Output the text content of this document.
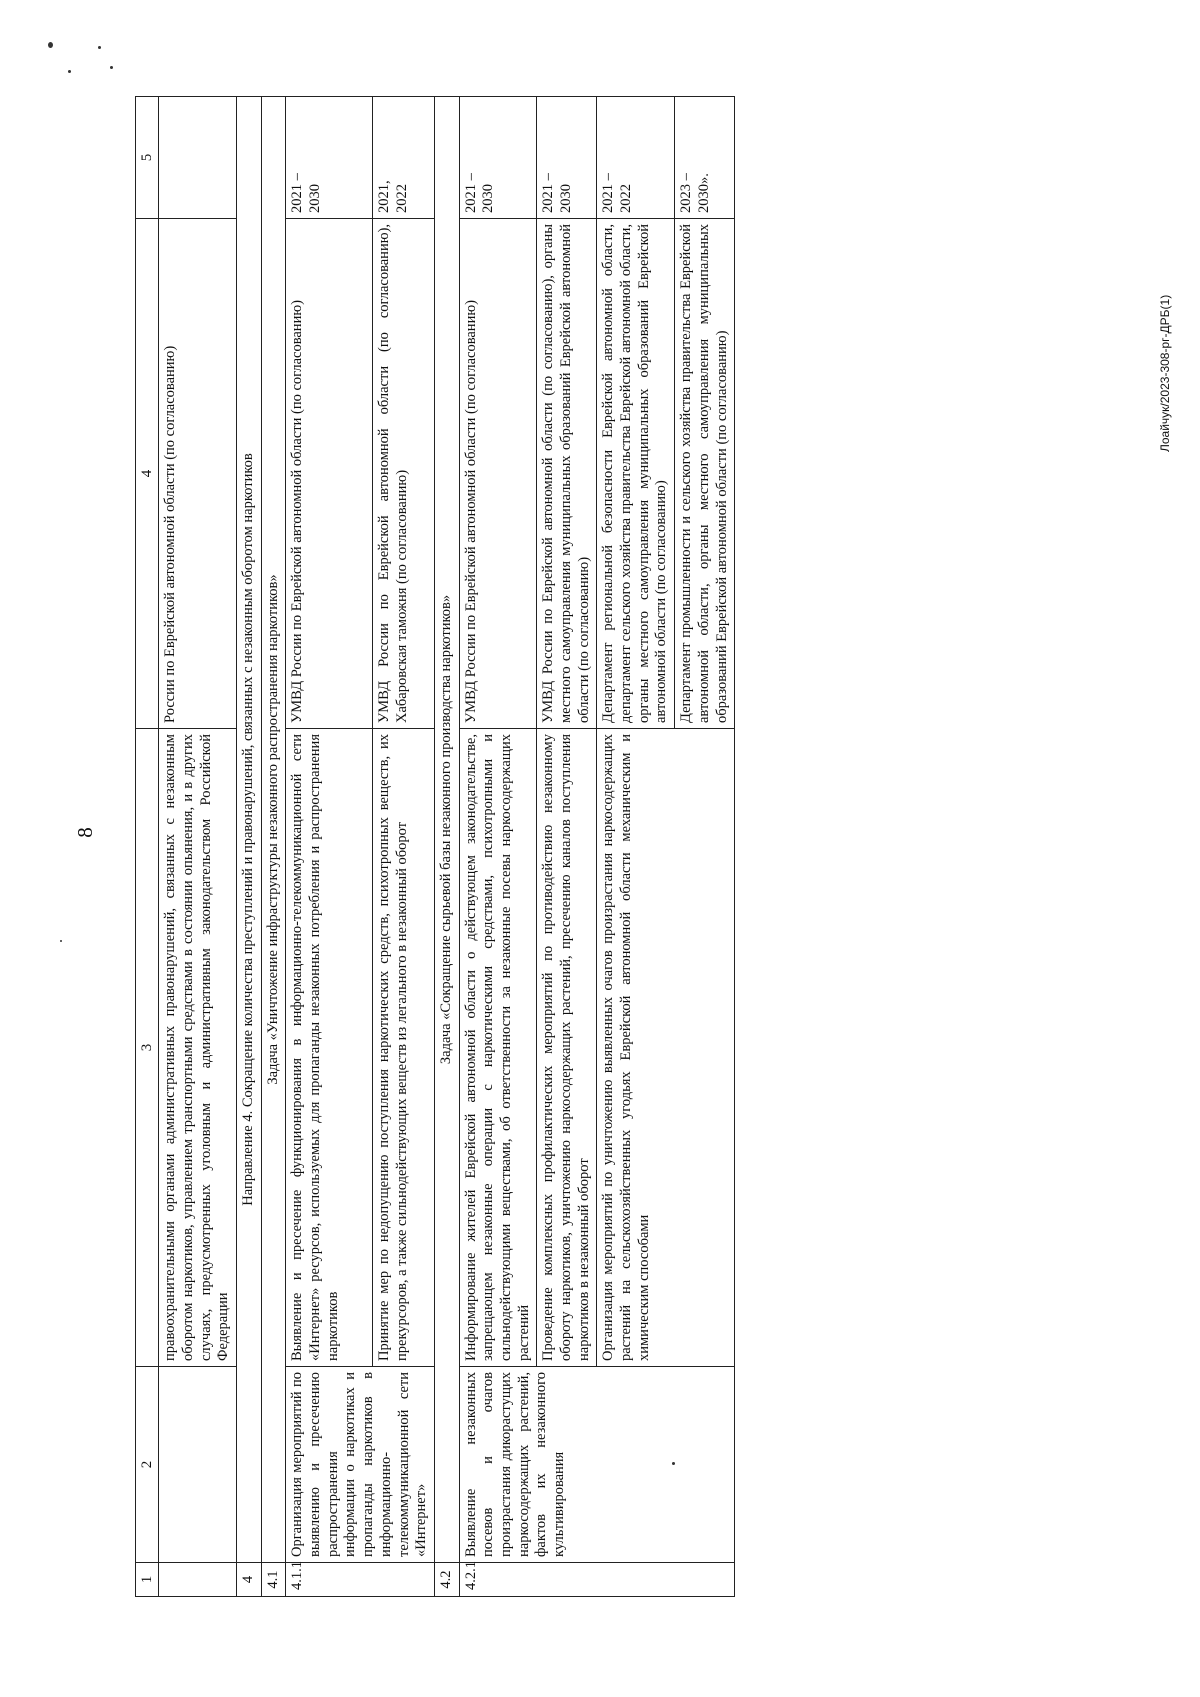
8
Лоайчук/2023-308-рг-ДРБ(1)
1	2	3	4	5
		правоохранительными органами административных правонарушений, связанных с незаконным оборотом наркотиков, управлением транспортными средствами в состоянии опьянения, и в других случаях, предусмотренных уголовным и административным законодательством Российской Федерации	России по Еврейской автономной области (по согласованию)	
4	Направление 4. Сокращение количества преступлений и правонарушений, связанных с незаконным оборотом наркотиков			
4.1	Задача «Уничтожение инфраструктуры незаконного распространения наркотиков»			
4.1.1	Организация мероприятий по выявлению и пресечению распространения информации о наркотиках и пропаганды наркотиков в информационно-телекоммуникационной сети «Интернет»	Выявление и пресечение функционирования в информационно-телекоммуникационной сети «Интернет» ресурсов, используемых для пропаганды незаконных потребления и распространения наркотиков	УМВД России по Еврейской автономной области (по согласованию)	2021 –
2030
		Принятие мер по недопущению поступления наркотических средств, психотропных веществ, их прекурсоров, а также сильнодействующих веществ из легального в незаконный оборот	УМВД России по Еврейской автономной области (по согласованию), Хабаровская таможня (по согласованию)	2021,
2022
4.2	Задача «Сокращение сырьевой базы незаконного производства наркотиков»			
4.2.1	Выявление незаконных посевов и очагов произрастания дикорастущих наркосодержащих растений, фактов их незаконного культивирования	Информирование жителей Еврейской автономной области о действующем законодательстве, запрещающем незаконные операции с наркотическими средствами, психотропными и сильнодействующими веществами, об ответственности за незаконные посевы наркосодержащих растений	УМВД России по Еврейской автономной области (по согласованию)	2021 –
2030
		Проведение комплексных профилактических мероприятий по противодействию незаконному обороту наркотиков, уничтожению наркосодержащих растений, пресечению каналов поступления наркотиков в незаконный оборот	УМВД России по Еврейской автономной области (по согласованию), органы местного самоуправления муниципальных образований Еврейской автономной области (по согласованию)	2021 –
2030
		Организация мероприятий по уничтожению выявленных очагов произрастания наркосодержащих растений на сельскохозяйственных угодьях Еврейской автономной области механическим и химическим способами	Департамент региональной безопасности Еврейской автономной области, департамент сельского хозяйства правительства Еврейской автономной области, органы местного самоуправления муниципальных образований Еврейской автономной области (по согласованию)	2021 –
2022
			Департамент промышленности и сельского хозяйства правительства Еврейской автономной области, органы местного самоуправления муниципальных образований Еврейской автономной области (по согласованию)	2023 –
2030».
